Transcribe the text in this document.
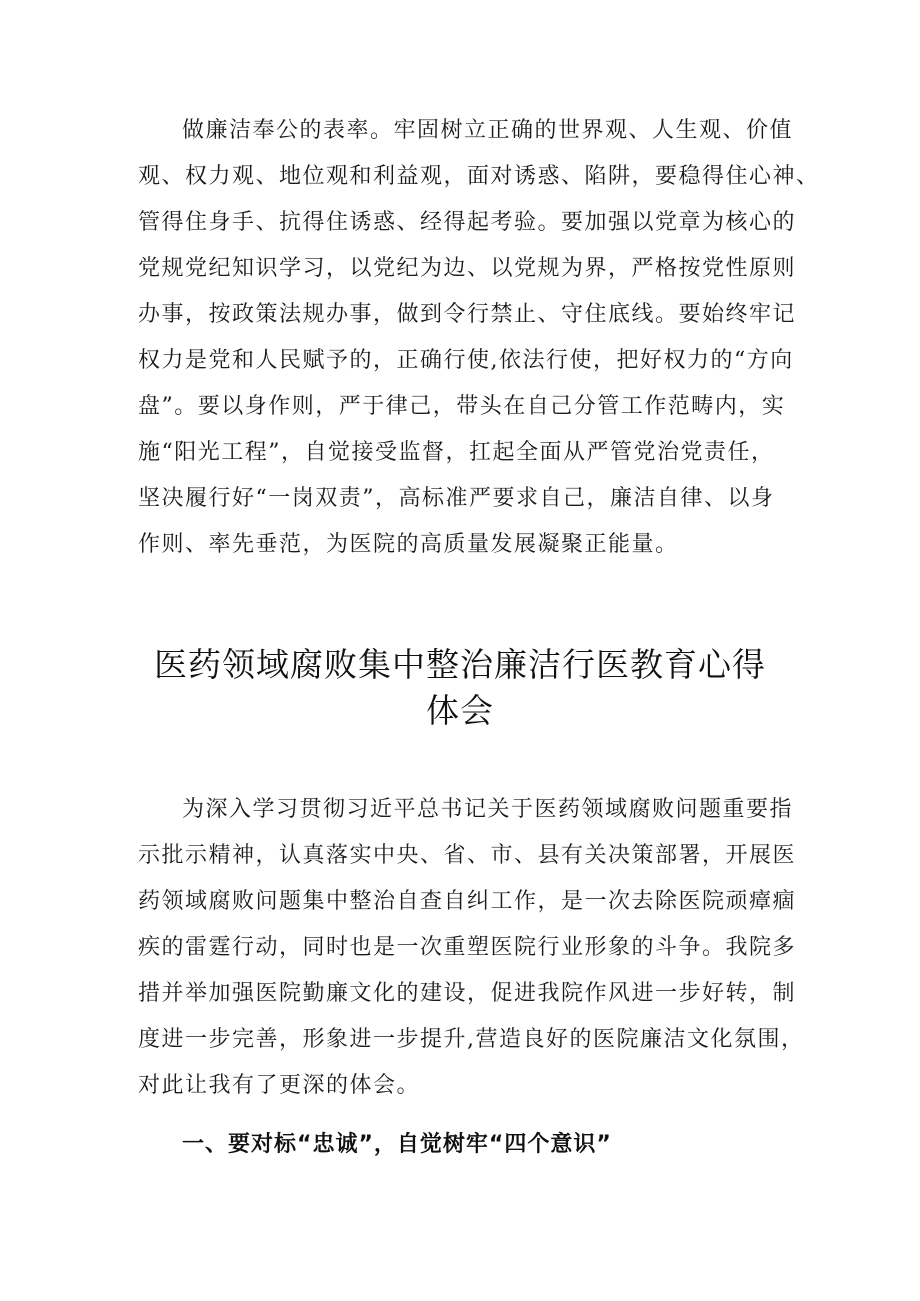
做廉洁奉公的表率。牢固树立正确的世界观、人生观、价值
观、权力观、地位观和利益观，面对诱惑、陷阱，要稳得住心神、
管得住身手、抗得住诱惑、经得起考验。要加强以党章为核心的
党规党纪知识学习，以党纪为边、以党规为界，严格按党性原则
办事，按政策法规办事，做到令行禁止、守住底线。要始终牢记
权力是党和人民赋予的，正确行使,依法行使，把好权力的“方向
盘”。要以身作则，严于律己，带头在自己分管工作范畴内，实
施“阳光工程”，自觉接受监督，扛起全面从严管党治党责任，
坚决履行好“一岗双责”，高标准严要求自己，廉洁自律、以身
作则、率先垂范，为医院的高质量发展凝聚正能量。
医药领域腐败集中整治廉洁行医教育心得
体会
为深入学习贯彻习近平总书记关于医药领域腐败问题重要指
示批示精神，认真落实中央、省、市、县有关决策部署，开展医
药领域腐败问题集中整治自查自纠工作，是一次去除医院顽瘴痼
疾的雷霆行动，同时也是一次重塑医院行业形象的斗争。我院多
措并举加强医院勤廉文化的建设，促进我院作风进一步好转，制
度进一步完善，形象进一步提升,营造良好的医院廉洁文化氛围，
对此让我有了更深的体会。
一、要对标“忠诚”，自觉树牢“四个意识”
